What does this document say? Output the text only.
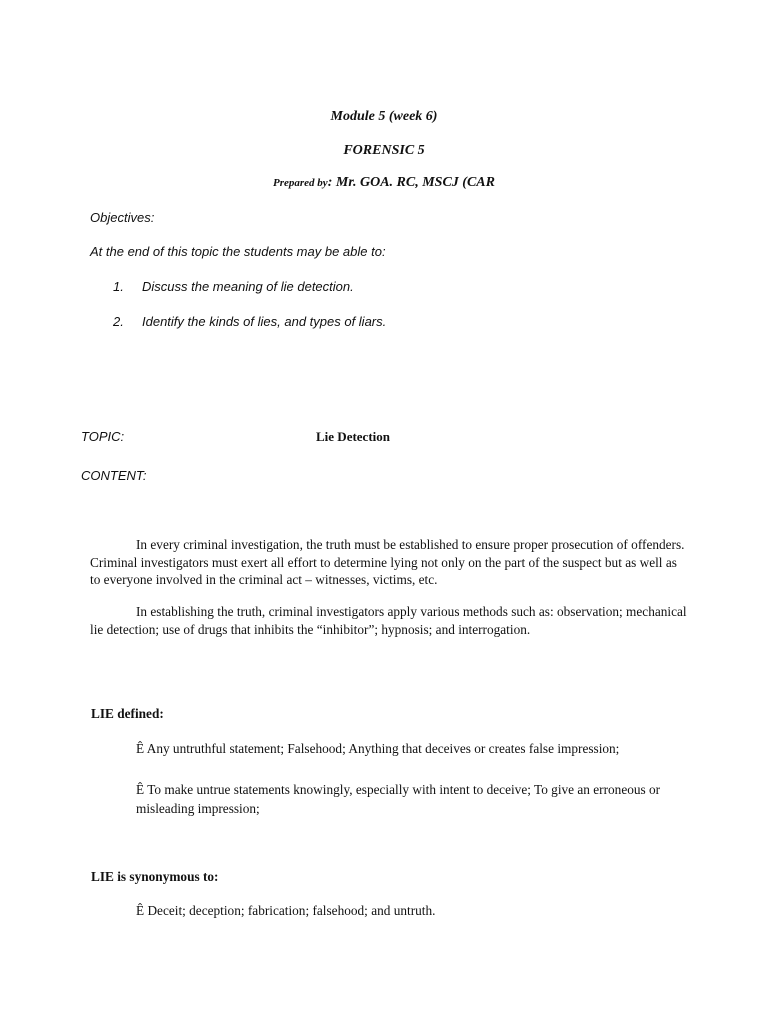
Module 5 (week 6)
FORENSIC 5
Prepared by: Mr. GOA. RC, MSCJ (CAR
Objectives:
At the end of this topic the students may be able to:
1. Discuss the meaning of lie detection.
2. Identify the kinds of lies, and types of liars.
TOPIC:	Lie Detection
CONTENT:
In every criminal investigation, the truth must be established to ensure proper prosecution of offenders. Criminal investigators must exert all effort to determine lying not only on the part of the suspect but as well as to everyone involved in the criminal act – witnesses, victims, etc.
In establishing the truth, criminal investigators apply various methods such as: observation; mechanical lie detection; use of drugs that inhibits the “inhibitor”; hypnosis; and interrogation.
LIE defined:
Ê Any untruthful statement; Falsehood; Anything that deceives or creates false impression;
Ê To make untrue statements knowingly, especially with intent to deceive; To give an erroneous or misleading impression;
LIE is synonymous to:
Ê Deceit; deception; fabrication; falsehood; and untruth.
